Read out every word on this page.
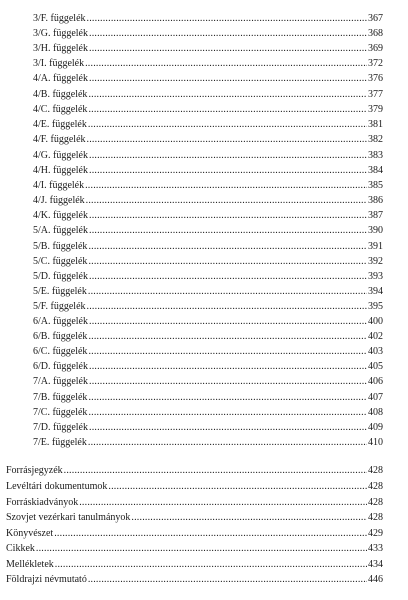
3/F. függelék .....	367
3/G. függelék .....	368
3/H. függelék .....	369
3/I. függelék .....	372
4/A. függelék .....	376
4/B. függelék .....	377
4/C. függelék .....	379
4/E. függelék .....	381
4/F. függelék .....	382
4/G. függelék .....	383
4/H. függelék .....	384
4/I. függelék .....	385
4/J. függelék .....	386
4/K. függelék .....	387
5/A. függelék .....	390
5/B. függelék .....	391
5/C. függelék .....	392
5/D. függelék .....	393
5/E. függelék .....	394
5/F. függelék .....	395
6/A. függelék .....	400
6/B. függelék .....	402
6/C. függelék .....	403
6/D. függelék .....	405
7/A. függelék .....	406
7/B. függelék .....	407
7/C. függelék .....	408
7/D. függelék .....	409
7/E. függelék .....	410
Forrásjegyzék .....	428
Levéltári dokumentumok .....	428
Forráskiadványok .....	428
Szovjet vezérkari tanulmányok .....	428
Könyvészet .....	429
Cikkek .....	433
Mellékletek .....	434
Földrajzi névmutató .....	446
